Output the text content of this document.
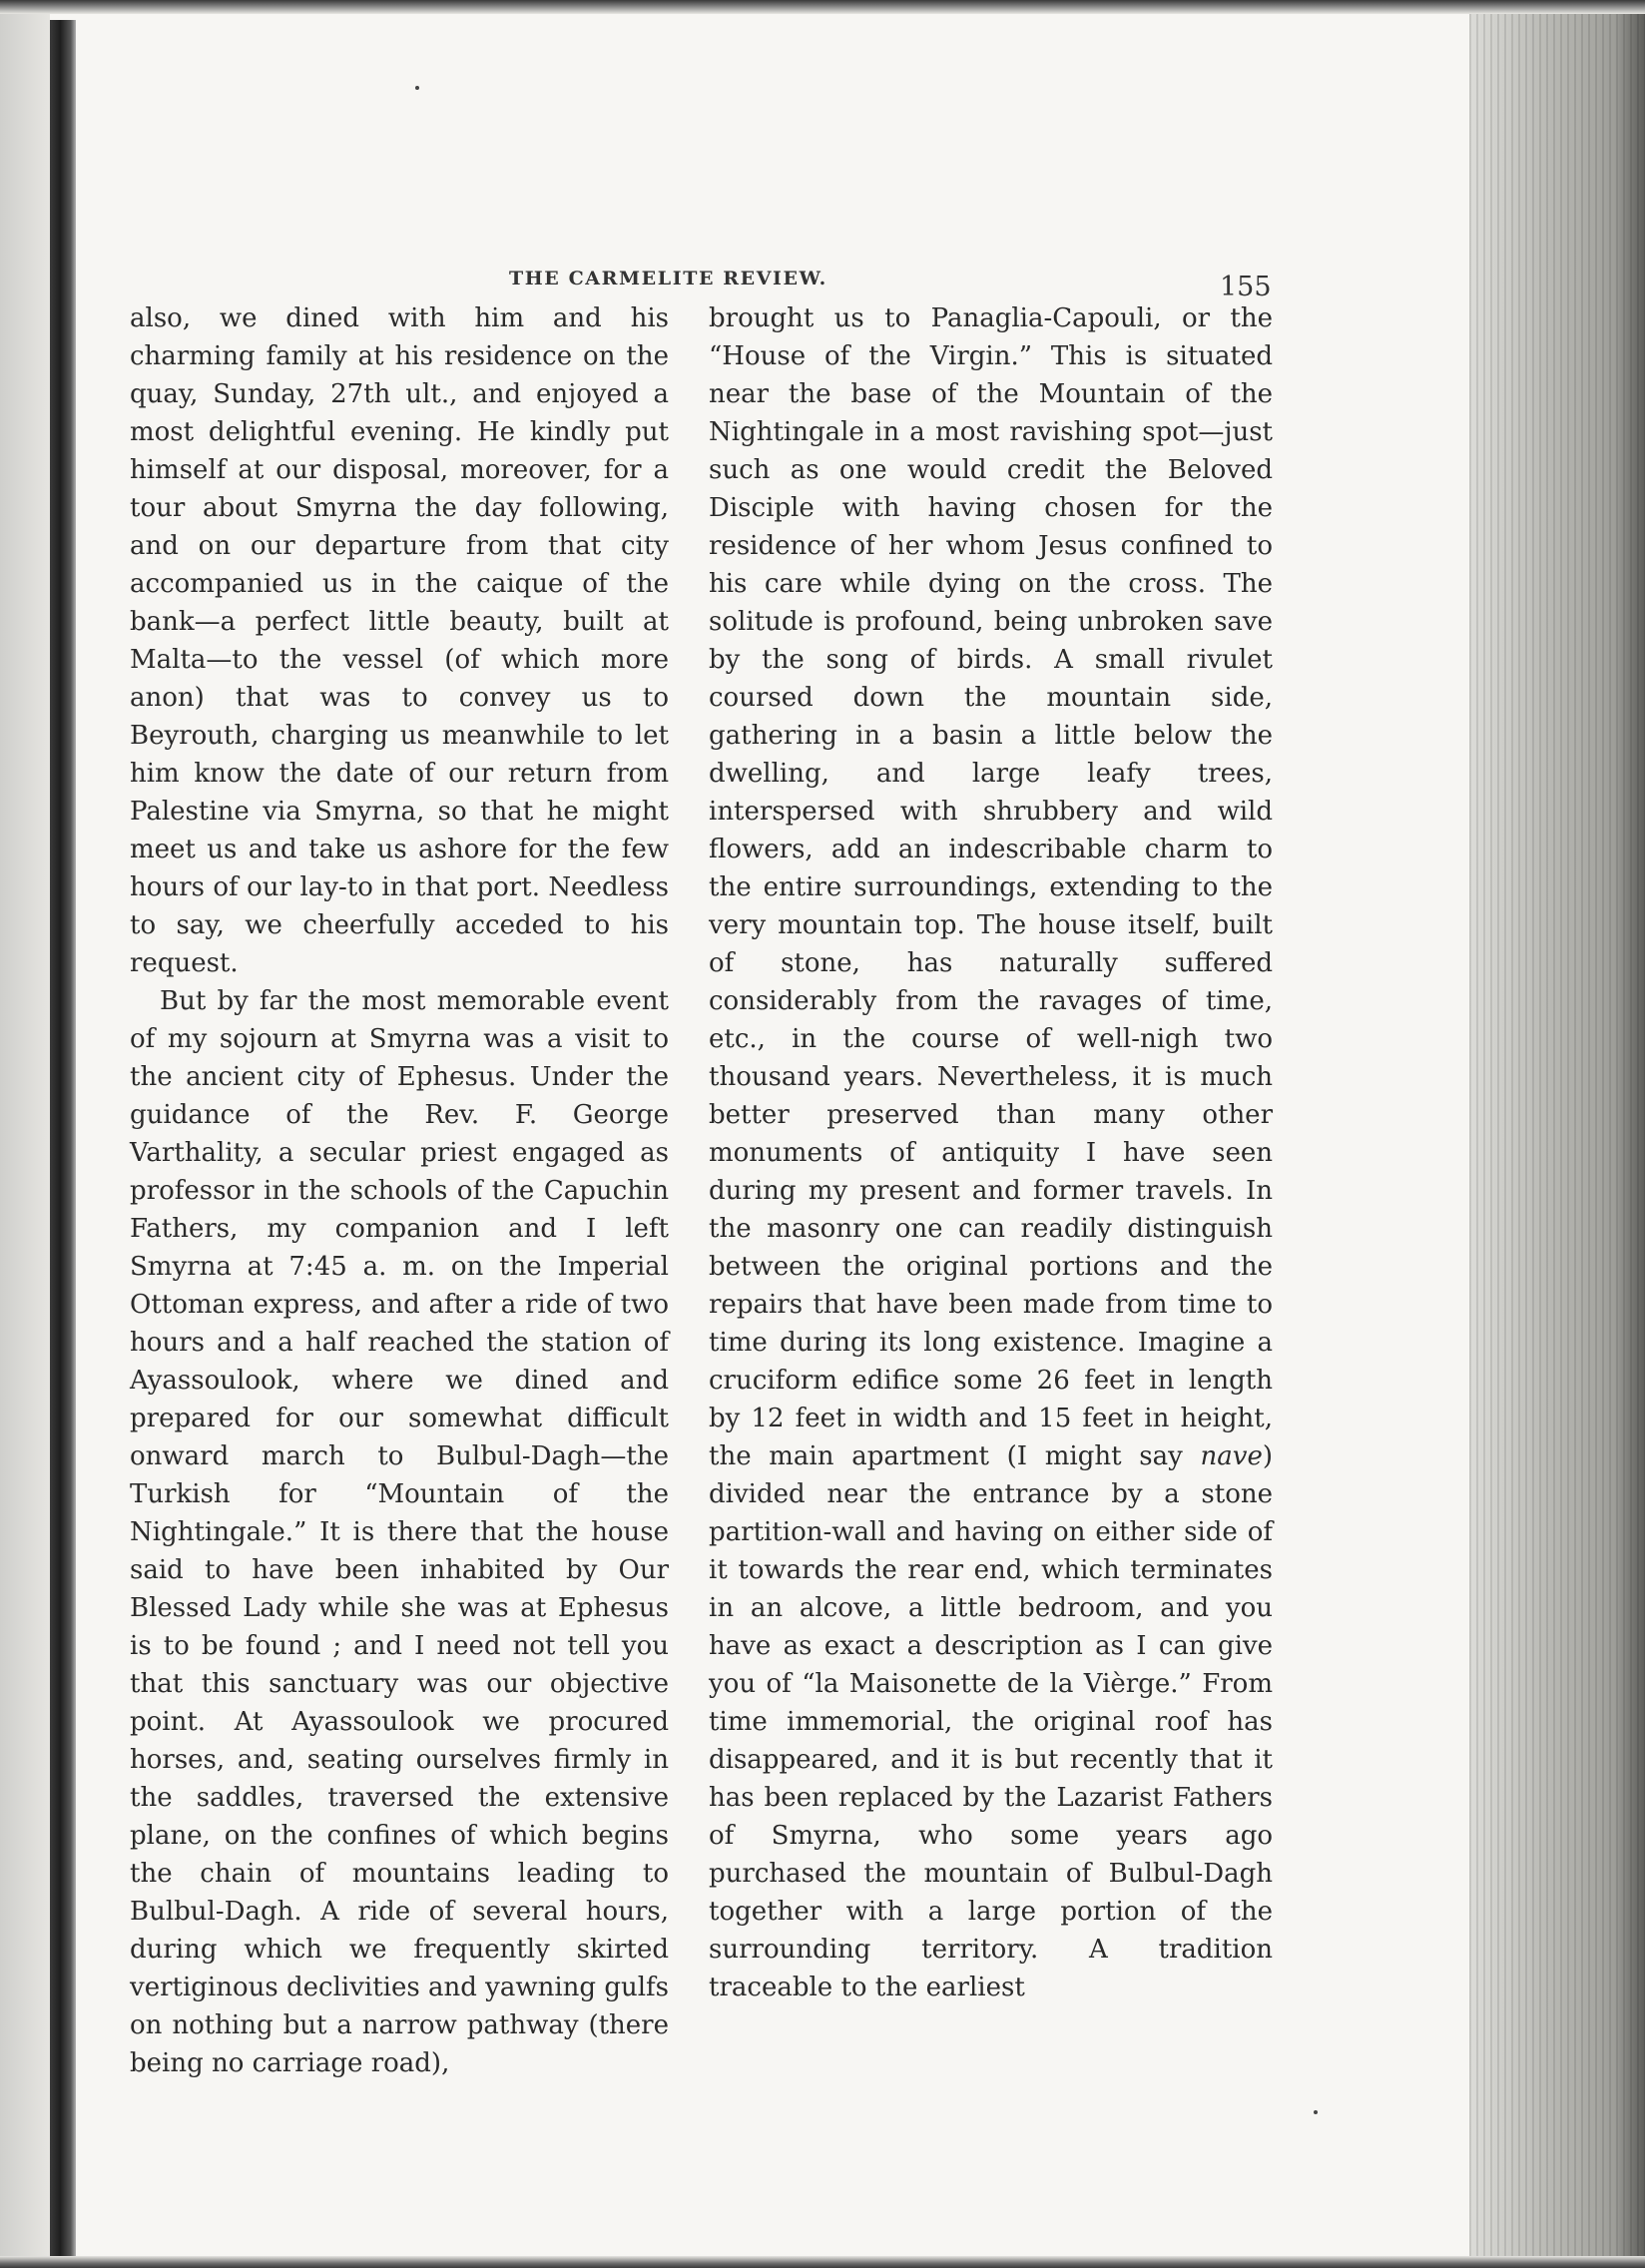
THE CARMELITE REVIEW.	155

also, we dined with him and his charming family at his residence on the quay, Sunday, 27th ult., and enjoyed a most delightful evening. He kindly put himself at our disposal, moreover, for a tour about Smyrna the day following, and on our departure from that city accompanied us in the caique of the bank—a perfect little beauty, built at Malta—to the vessel (of which more anon) that was to convey us to Beyrouth, charging us meanwhile to let him know the date of our return from Palestine via Smyrna, so that he might meet us and take us ashore for the few hours of our lay-to in that port. Needless to say, we cheerfully acceded to his request.

But by far the most memorable event of my sojourn at Smyrna was a visit to the ancient city of Ephesus. Under the guidance of the Rev. F. George Varthality, a secular priest engaged as professor in the schools of the Capuchin Fathers, my companion and I left Smyrna at 7:45 a. m. on the Imperial Ottoman express, and after a ride of two hours and a half reached the station of Ayassoulook, where we dined and prepared for our somewhat difficult onward march to Bulbul-Dagh—the Turkish for “Mountain of the Nightingale.” It is there that the house said to have been inhabited by Our Blessed Lady while she was at Ephesus is to be found ; and I need not tell you that this sanctuary was our objective point. At Ayassoulook we procured horses, and, seating ourselves firmly in the saddles, traversed the extensive plane, on the confines of which begins the chain of mountains leading to Bulbul-Dagh. A ride of several hours, during which we frequently skirted vertiginous declivities and yawning gulfs on nothing but a narrow pathway (there being no carriage road),

brought us to Panaglia-Capouli, or the “House of the Virgin.” This is situated near the base of the Mountain of the Nightingale in a most ravishing spot—just such as one would credit the Beloved Disciple with having chosen for the residence of her whom Jesus confined to his care while dying on the cross. The solitude is profound, being unbroken save by the song of birds. A small rivulet coursed down the mountain side, gathering in a basin a little below the dwelling, and large leafy trees, interspersed with shrubbery and wild flowers, add an indescribable charm to the entire surroundings, extending to the very mountain top. The house itself, built of stone, has naturally suffered considerably from the ravages of time, etc., in the course of well-nigh two thousand years. Nevertheless, it is much better preserved than many other monuments of antiquity I have seen during my present and former travels. In the masonry one can readily distinguish between the original portions and the repairs that have been made from time to time during its long existence. Imagine a cruciform edifice some 26 feet in length by 12 feet in width and 15 feet in height, the main apartment (I might say nave) divided near the entrance by a stone partition-wall and having on either side of it towards the rear end, which terminates in an alcove, a little bedroom, and you have as exact a description as I can give you of “la Maisonette de la Vièrge.” From time immemorial, the original roof has disappeared, and it is but recently that it has been replaced by the Lazarist Fathers of Smyrna, who some years ago purchased the mountain of Bulbul-Dagh together with a large portion of the surrounding territory. A tradition traceable to the earliest
